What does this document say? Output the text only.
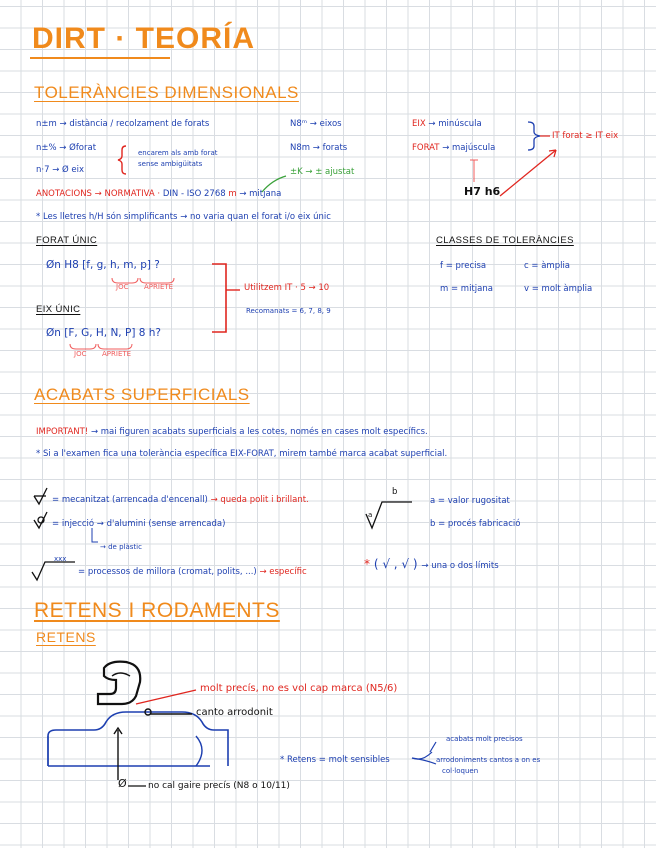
DIRT · TEORÍA
TOLERÀNCIES DIMENSIONALS
n±m → distància / recolzament de forats
n±% → Øforat
n·7 → Ø eix
encarem als amb forat
sense ambigüitats
N8ᵐ → eixos
N8m → forats
±K → ± ajustat
EIX → minúscula
FORAT → majúscula
IT forat ≥ IT eix
H7 h6
ANOTACIONS → NORMATIVA · DIN - ISO 2768 m → mitjana
* Les lletres h/H són simplificants → no varia quan el forat i/o eix únic
FORAT ÚNIC
Øn H8 [f, g, h, m, p] ?
JOC APRIETE
EIX ÚNIC
Øn [F, G, H, N, P] 8 h?
JOC APRIETE
Utilitzem IT · 5 → 10
Recomanats = 6, 7, 8, 9
CLASSES DE TOLERÀNCIES
f = precisa	c = àmplia
m = mitjana	v = molt àmplia
ACABATS SUPERFICIALS
IMPORTANT! → mai figuren acabats superficials a les cotes, només en cases molt específics.
* Si a l'examen fica una tolerància específica EIX-FORAT, mirem també marca acabat superficial.
= mecanitzat (arrencada d'encenall) → queda polit i brillant.
= injecció → d'alumini (sense arrencada)
→ de plàstic
xxx
= processos de millora (cromat, polits, ...) → específic
b
a
a = valor rugositat
b = procés fabricació
* ( √ , √ ) → una o dos límits
RETENS I RODAMENTS
RETENS
molt precís, no es vol cap marca (N5/6)
canto arrodonit
Ø no cal gaire precís (N8 o 10/11)
* Retens = molt sensibles
acabats molt precisos
arrodoniments cantos a on es
col·loquen
